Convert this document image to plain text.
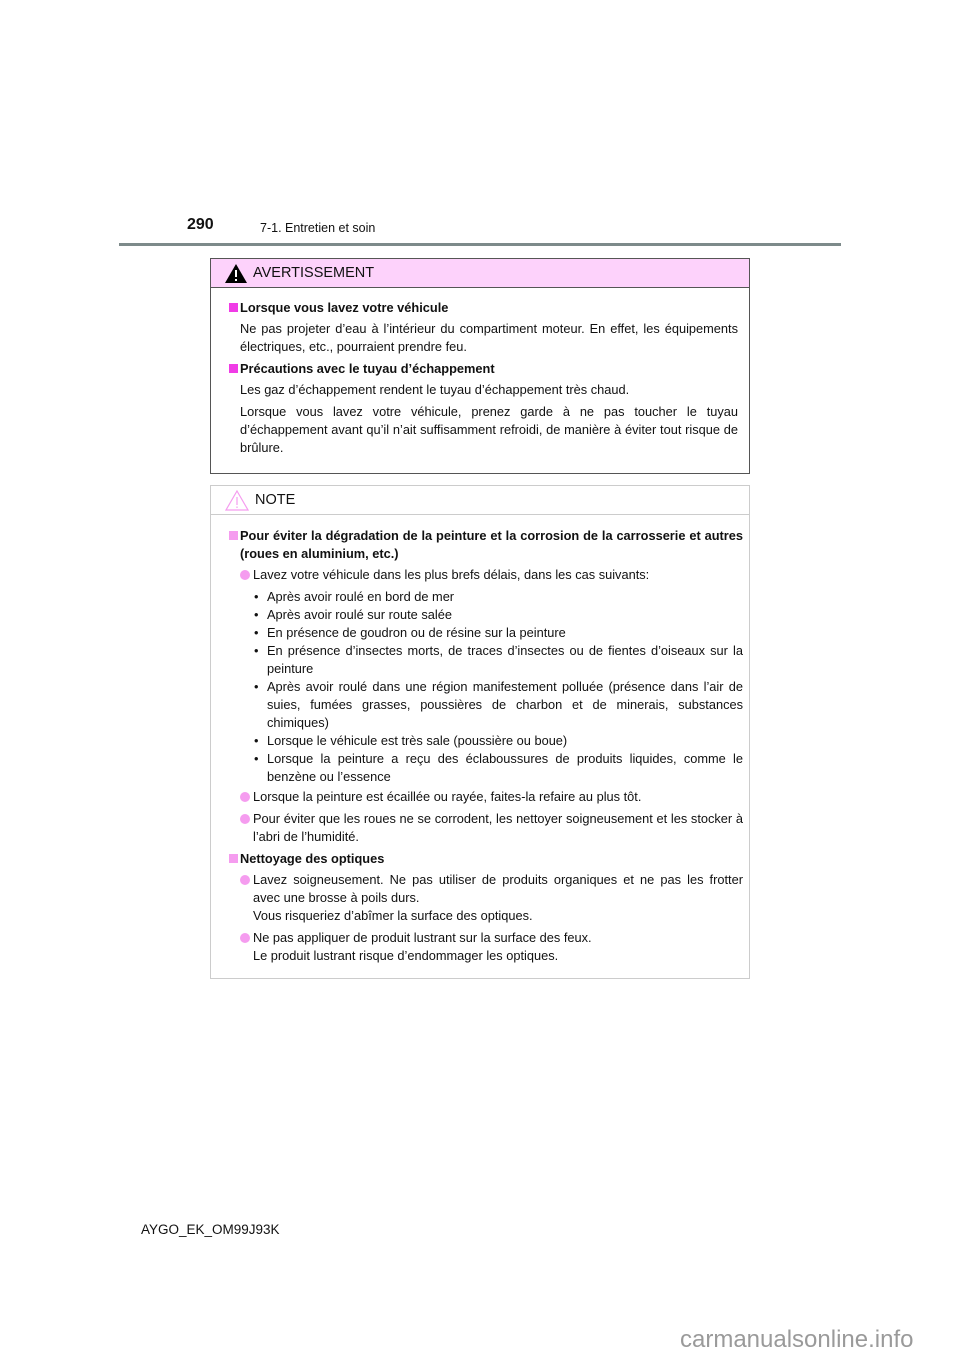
290	7-1. Entretien et soin
AVERTISSEMENT
Lorsque vous lavez votre véhicule
Ne pas projeter d’eau à l’intérieur du compartiment moteur. En effet, les équipements électriques, etc., pourraient prendre feu.
Précautions avec le tuyau d’échappement
Les gaz d’échappement rendent le tuyau d’échappement très chaud.
Lorsque vous lavez votre véhicule, prenez garde à ne pas toucher le tuyau d’échappement avant qu’il n’ait suffisamment refroidi, de manière à éviter tout risque de brûlure.
NOTE
Pour éviter la dégradation de la peinture et la corrosion de la carrosserie et autres (roues en aluminium, etc.)
Lavez votre véhicule dans les plus brefs délais, dans les cas suivants:
• Après avoir roulé en bord de mer
• Après avoir roulé sur route salée
• En présence de goudron ou de résine sur la peinture
• En présence d’insectes morts, de traces d’insectes ou de fientes d’oiseaux sur la peinture
• Après avoir roulé dans une région manifestement polluée (présence dans l’air de suies, fumées grasses, poussières de charbon et de minerais, substances chimiques)
• Lorsque le véhicule est très sale (poussière ou boue)
• Lorsque la peinture a reçu des éclaboussures de produits liquides, comme le benzène ou l’essence
Lorsque la peinture est écaillée ou rayée, faites-la refaire au plus tôt.
Pour éviter que les roues ne se corrodent, les nettoyer soigneusement et les stocker à l’abri de l’humidité.
Nettoyage des optiques
Lavez soigneusement. Ne pas utiliser de produits organiques et ne pas les frotter avec une brosse à poils durs.
Vous risqueriez d’abîmer la surface des optiques.
Ne pas appliquer de produit lustrant sur la surface des feux.
Le produit lustrant risque d’endommager les optiques.
AYGO_EK_OM99J93K
carmanualsonline.info
